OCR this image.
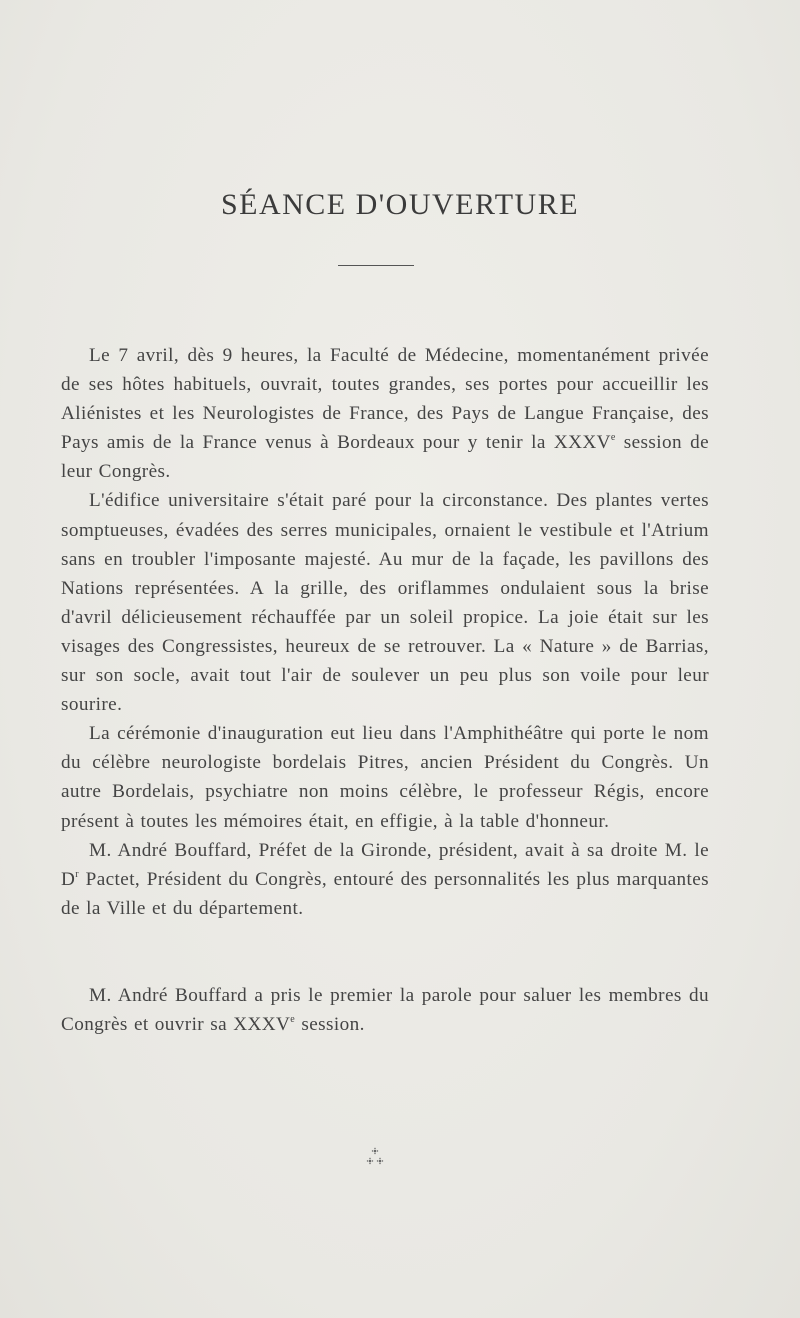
SÉANCE D'OUVERTURE

Le 7 avril, dès 9 heures, la Faculté de Médecine, momentanément privée de ses hôtes habituels, ouvrait, toutes grandes, ses portes pour accueillir les Aliénistes et les Neurologistes de France, des Pays de Langue Française, des Pays amis de la France venus à Bordeaux pour y tenir la XXXVe session de leur Congrès.

L'édifice universitaire s'était paré pour la circonstance. Des plantes vertes somptueuses, évadées des serres municipales, ornaient le vestibule et l'Atrium sans en troubler l'imposante majesté. Au mur de la façade, les pavillons des Nations représentées. A la grille, des oriflammes ondulaient sous la brise d'avril délicieusement réchauffée par un soleil propice. La joie était sur les visages des Congressistes, heureux de se retrouver. La « Nature » de Barrias, sur son socle, avait tout l'air de soulever un peu plus son voile pour leur sourire.

La cérémonie d'inauguration eut lieu dans l'Amphithéâtre qui porte le nom du célèbre neurologiste bordelais Pitres, ancien Président du Congrès. Un autre Bordelais, psychiatre non moins célèbre, le professeur Régis, encore présent à toutes les mémoires était, en effigie, à la table d'honneur.

M. André Bouffard, Préfet de la Gironde, président, avait à sa droite M. le $D^r$ Pactet, Président du Congrès, entouré des personnalités les plus marquantes de la Ville et du département.

M. André Bouffard a pris le premier la parole pour saluer les membres du Congrès et ouvrir sa XXXVe session.
